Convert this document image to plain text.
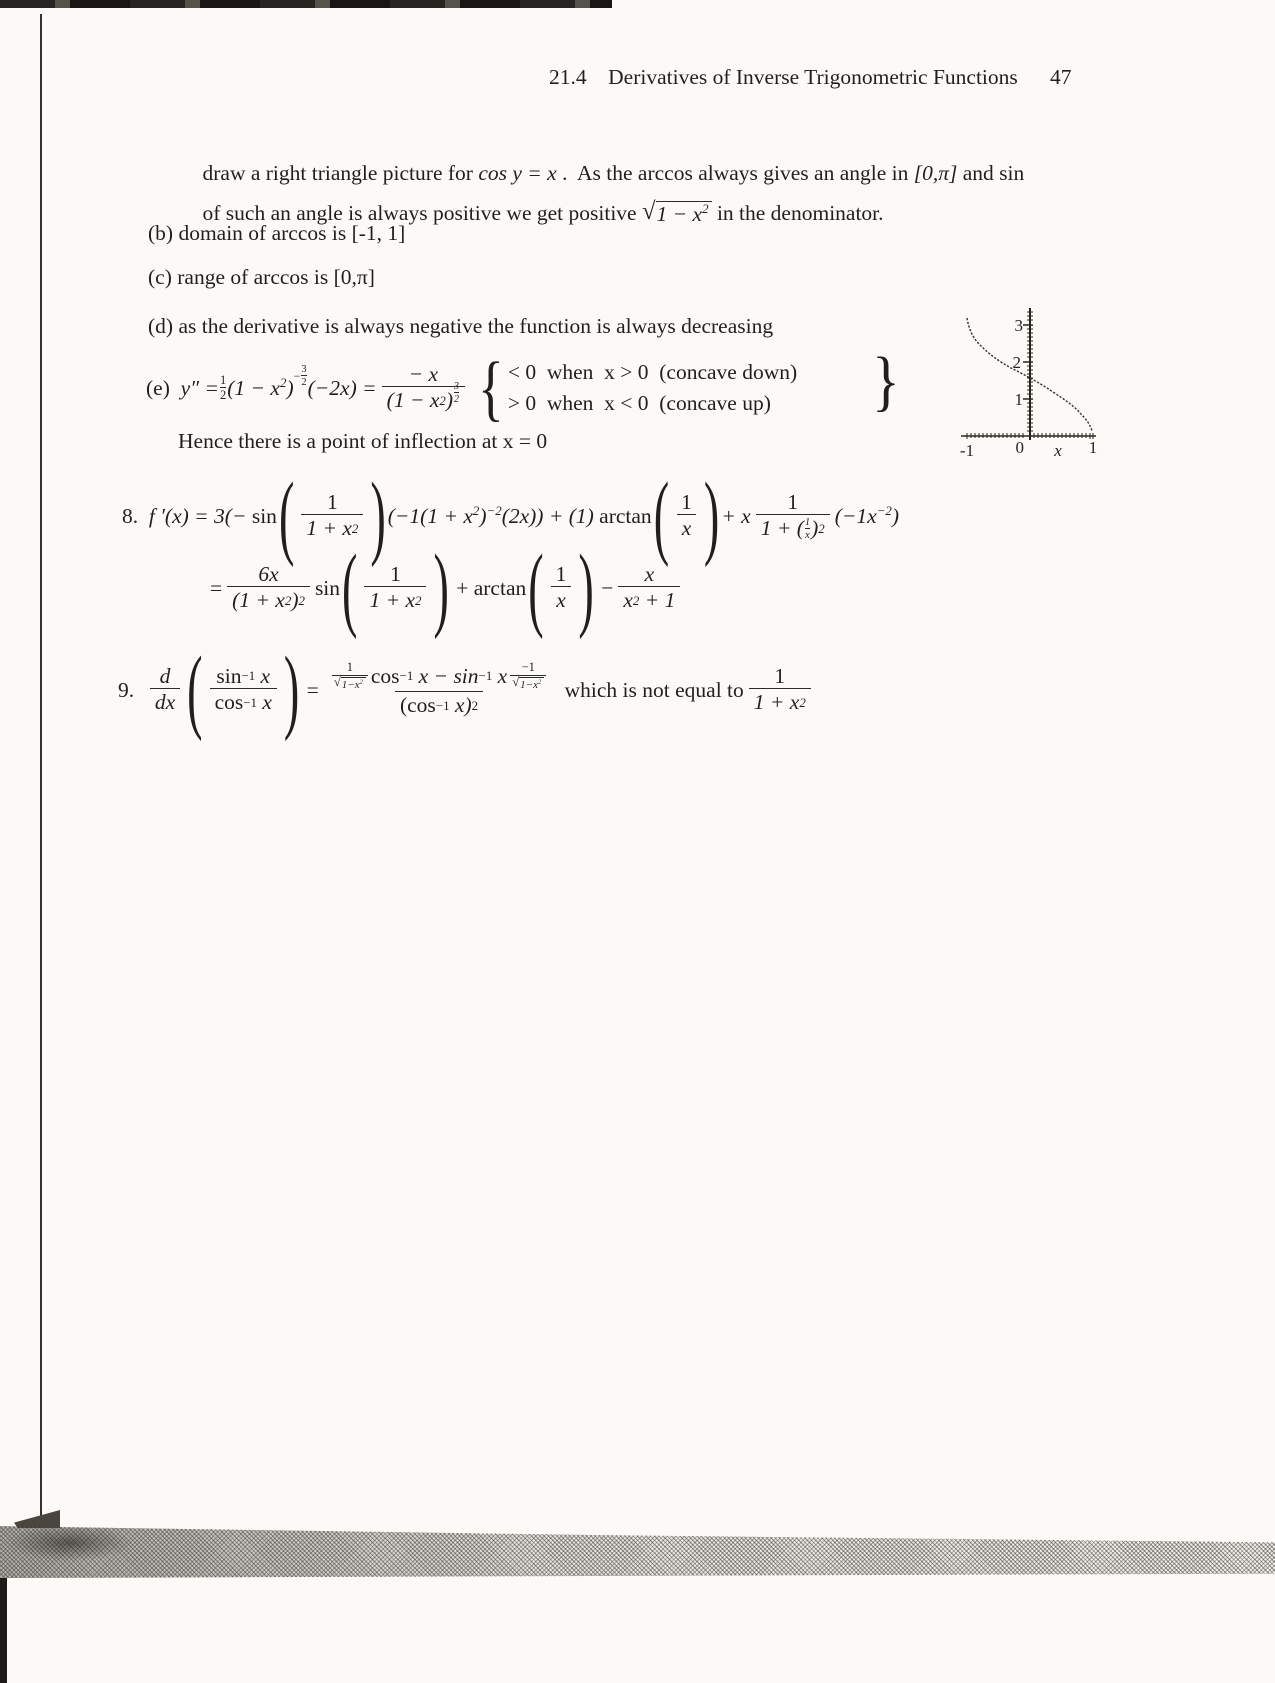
21.4 Derivatives of Inverse Trigonometric Functions 47

draw a right triangle picture for cos y = x .  As the arccos always gives an angle in [0,π] and sin

of such an angle is always positive we get positive √ $1 - x^2$ in the denominator.

(b) domain of arccos is [-1, 1]
(c) range of arccos is [0,π]
(d) as the derivative is always negative the function is always decreasing
(e)
$y'' = \frac{1}{2} (1 - x^2) - \frac{3}{2} (-2x) = \frac{- x}{(1 - x 2 ) \frac{3}{2}}$ { < 0  when  x > 0  (concave down)
> 0  when  x < 0  (concave up)	}
Hence there is a point of inflection at x = 0
3
2
1
-1 0 x 1
8.
f ′(x) = 3(− sin ( $\frac{1}{1 + x 2}$ ) $(-1(1 + x^2)^{-2}(2x)) + (1)$ arctan ( $\frac{1}{x}$ ) + x $\frac{1}{1 + ( \frac{1}{x} ) 2} (-1x^{-2})$
= $\frac{6x}{(1 + x 2 ) 2}$ sin ( $\frac{1}{1 + x 2}$ )
+ arctan ( $\frac{1}{x}$ )
− $\frac{x}{x 2 + 1}$
9.
$\frac{d}{dx}$ ( sin −1
x
cos −1
x )
= $\frac{1}{√ 1-x^2}$ cos −1
x − sin −1
x $\frac{-1}{√ 1-x^2}$
(cos −1
x) 2
which is not equal to $\frac{1}{1 + x 2}$
